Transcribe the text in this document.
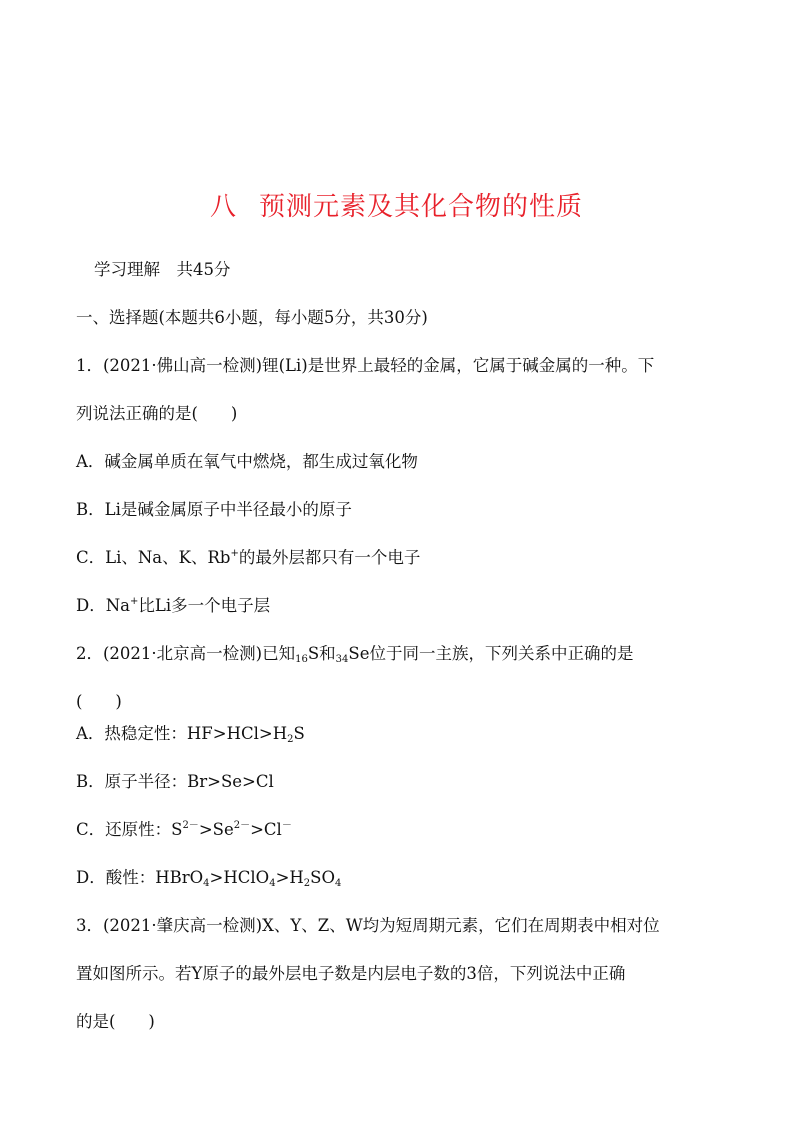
八 预测元素及其化合物的性质
学习理解　共45分
一、选择题(本题共6小题，每小题5分，共30分)
1．(2021·佛山高一检测)锂(Li)是世界上最轻的金属，它属于碱金属的一种。下
列说法正确的是(　　)
A．碱金属单质在氧气中燃烧，都生成过氧化物
B．Li是碱金属原子中半径最小的原子
C．Li、Na、K、Rb+的最外层都只有一个电子
D．Na+比Li多一个电子层
2．(2021·北京高一检测)已知16S和34Se位于同一主族，下列关系中正确的是
(　　)
A．热稳定性：$HF>HCl>H_2S$
B．原子半径：Br>Se>Cl
C．还原性：$S^{2-}>Se^{2-}>Cl^-$
D．酸性：$HBrO_4>HClO_4>H_2SO_4$
3．(2021·肇庆高一检测)X、Y、Z、W均为短周期元素，它们在周期表中相对位
置如图所示。若Y原子的最外层电子数是内层电子数的3倍，下列说法中正确
的是(　　)
